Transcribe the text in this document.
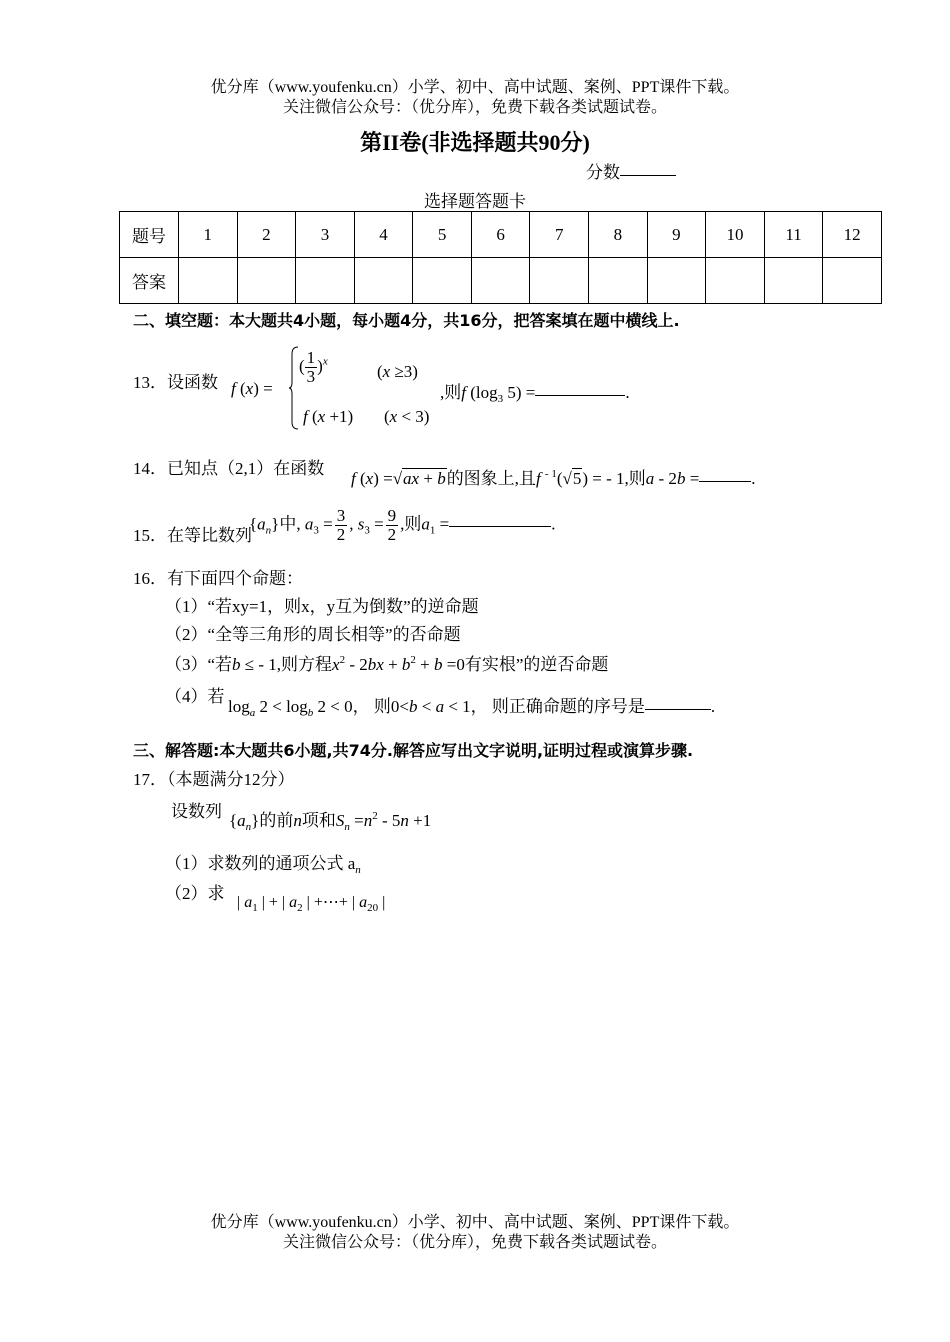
优分库（www.youfenku.cn）小学、初中、高中试题、案例、PPT课件下载。
关注微信公众号：（优分库），免费下载各类试题试卷。
第II卷(非选择题共90分)
分数
选择题答题卡
题号	1	2	3	4	5	6	7	8	9	10	11	12
答案												
二、填空题：本大题共4小题，每小题4分，共16分，把答案填在题中横线上.
13．设函数 f (x) =
( $\frac{1}{3} )^x$
(x ≥3)
f (x +1) (x < 3)
,则f ($\log_3$ 5) =	.
14．已知点（2,1）在函数
f (x) =√ax + b的图象上,且f $^{- 1}$(√5) = - 1,则a - 2b =	.
15．在等比数列
$\{a_n\}$中, $a_3 = \frac{3}{2}$ , $s_3 = \frac{9}{2}$ ,则$a_1$ =	.
16．有下面四个命题：
（1）“若xy=1，则x，y互为倒数”的逆命题
（2）“全等三角形的周长相等”的否命题
（3）“若b ≤ - 1,则方程$x^2 - 2bx + b^2 + b =0$有实根”的逆否命题
（4）若
$\log_a 2 < \log_b 2 < 0$， 则0<b < a < 1， 则正确命题的序号是	.
三、解答题:本大题共6小题,共74分.解答应写出文字说明,证明过程或演算步骤.
17．（本题满分12分）
设数列 $\{a_n\}$的前n项和$S_n =n^2 - 5n +1$
（1）求数列的通项公式 $a_n$
（2）求 | $a_1$ | + | $a_2$ | +⋯+ | $a_{20}$ |
优分库（www.youfenku.cn）小学、初中、高中试题、案例、PPT课件下载。
关注微信公众号：（优分库），免费下载各类试题试卷。
